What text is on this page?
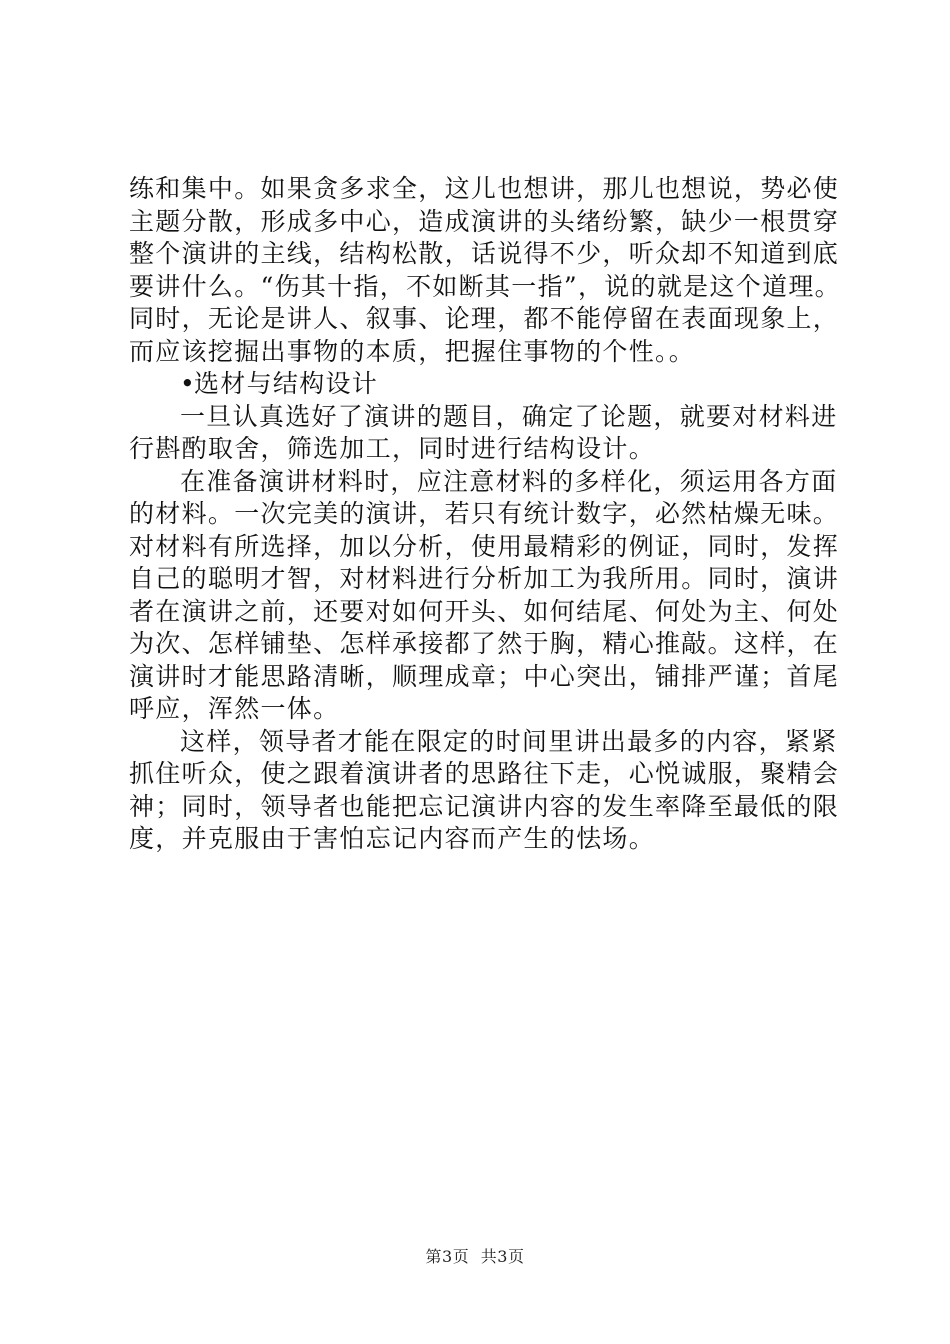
练和集中。如果贪多求全，这儿也想讲，那儿也想说，势必使
主题分散，形成多中心，造成演讲的头绪纷繁，缺少一根贯穿
整个演讲的主线，结构松散，话说得不少，听众却不知道到底
要讲什么。“伤其十指，不如断其一指”，说的就是这个道理。
同时，无论是讲人、叙事、论理，都不能停留在表面现象上，
而应该挖掘出事物的本质，把握住事物的个性。。
•选材与结构设计
一旦认真选好了演讲的题目，确定了论题，就要对材料进
行斟酌取舍，筛选加工，同时进行结构设计。
在准备演讲材料时，应注意材料的多样化，须运用各方面
的材料。一次完美的演讲，若只有统计数字，必然枯燥无味。
对材料有所选择，加以分析，使用最精彩的例证，同时，发挥
自己的聪明才智，对材料进行分析加工为我所用。同时，演讲
者在演讲之前，还要对如何开头、如何结尾、何处为主、何处
为次、怎样铺垫、怎样承接都了然于胸，精心推敲。这样，在
演讲时才能思路清晰，顺理成章；中心突出，铺排严谨；首尾
呼应，浑然一体。
这样，领导者才能在限定的时间里讲出最多的内容，紧紧
抓住听众，使之跟着演讲者的思路往下走，心悦诚服，聚精会
神；同时，领导者也能把忘记演讲内容的发生率降至最低的限
度，并克服由于害怕忘记内容而产生的怯场。
第3页 共3页
